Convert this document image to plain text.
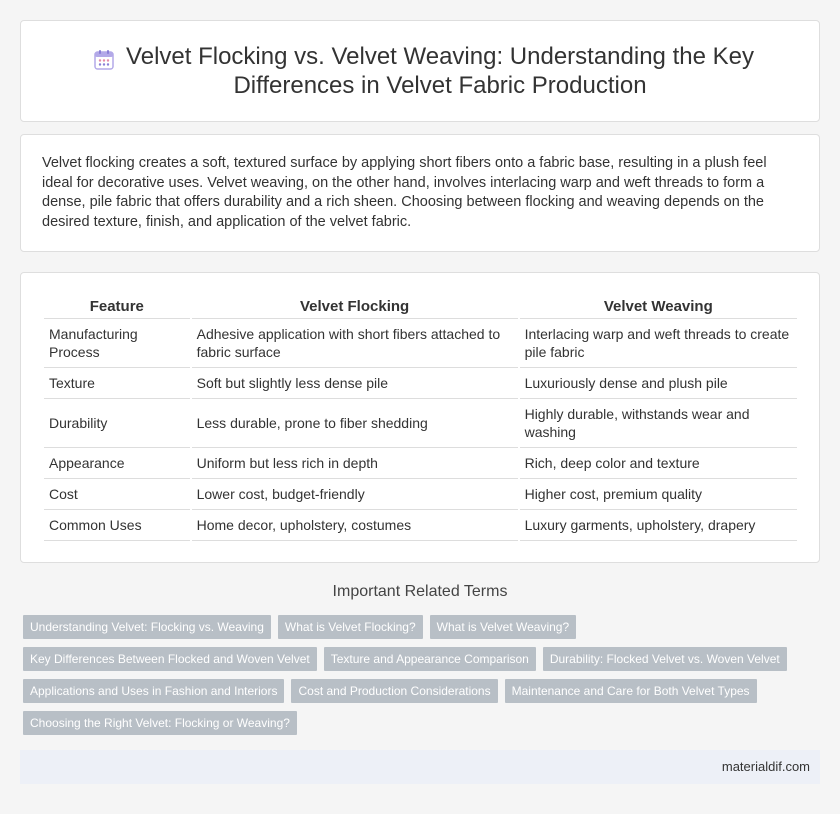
Velvet Flocking vs. Velvet Weaving: Understanding the Key Differences in Velvet Fabric Production

Velvet flocking creates a soft, textured surface by applying short fibers onto a fabric base, resulting in a plush feel ideal for decorative uses. Velvet weaving, on the other hand, involves interlacing warp and weft threads to form a dense, pile fabric that offers durability and a rich sheen. Choosing between flocking and weaving depends on the desired texture, finish, and application of the velvet fabric.

Feature	Velvet Flocking	Velvet Weaving
Manufacturing Process	Adhesive application with short fibers attached to fabric surface	Interlacing warp and weft threads to create pile fabric
Texture	Soft but slightly less dense pile	Luxuriously dense and plush pile
Durability	Less durable, prone to fiber shedding	Highly durable, withstands wear and washing
Appearance	Uniform but less rich in depth	Rich, deep color and texture
Cost	Lower cost, budget-friendly	Higher cost, premium quality
Common Uses	Home decor, upholstery, costumes	Luxury garments, upholstery, drapery
Important Related Terms
Understanding Velvet: Flocking vs. Weaving	What is Velvet Flocking?	What is Velvet Weaving?
Key Differences Between Flocked and Woven Velvet	Texture and Appearance Comparison	Durability: Flocked Velvet vs. Woven Velvet
Applications and Uses in Fashion and Interiors	Cost and Production Considerations	Maintenance and Care for Both Velvet Types
Choosing the Right Velvet: Flocking or Weaving?
materialdif.com
